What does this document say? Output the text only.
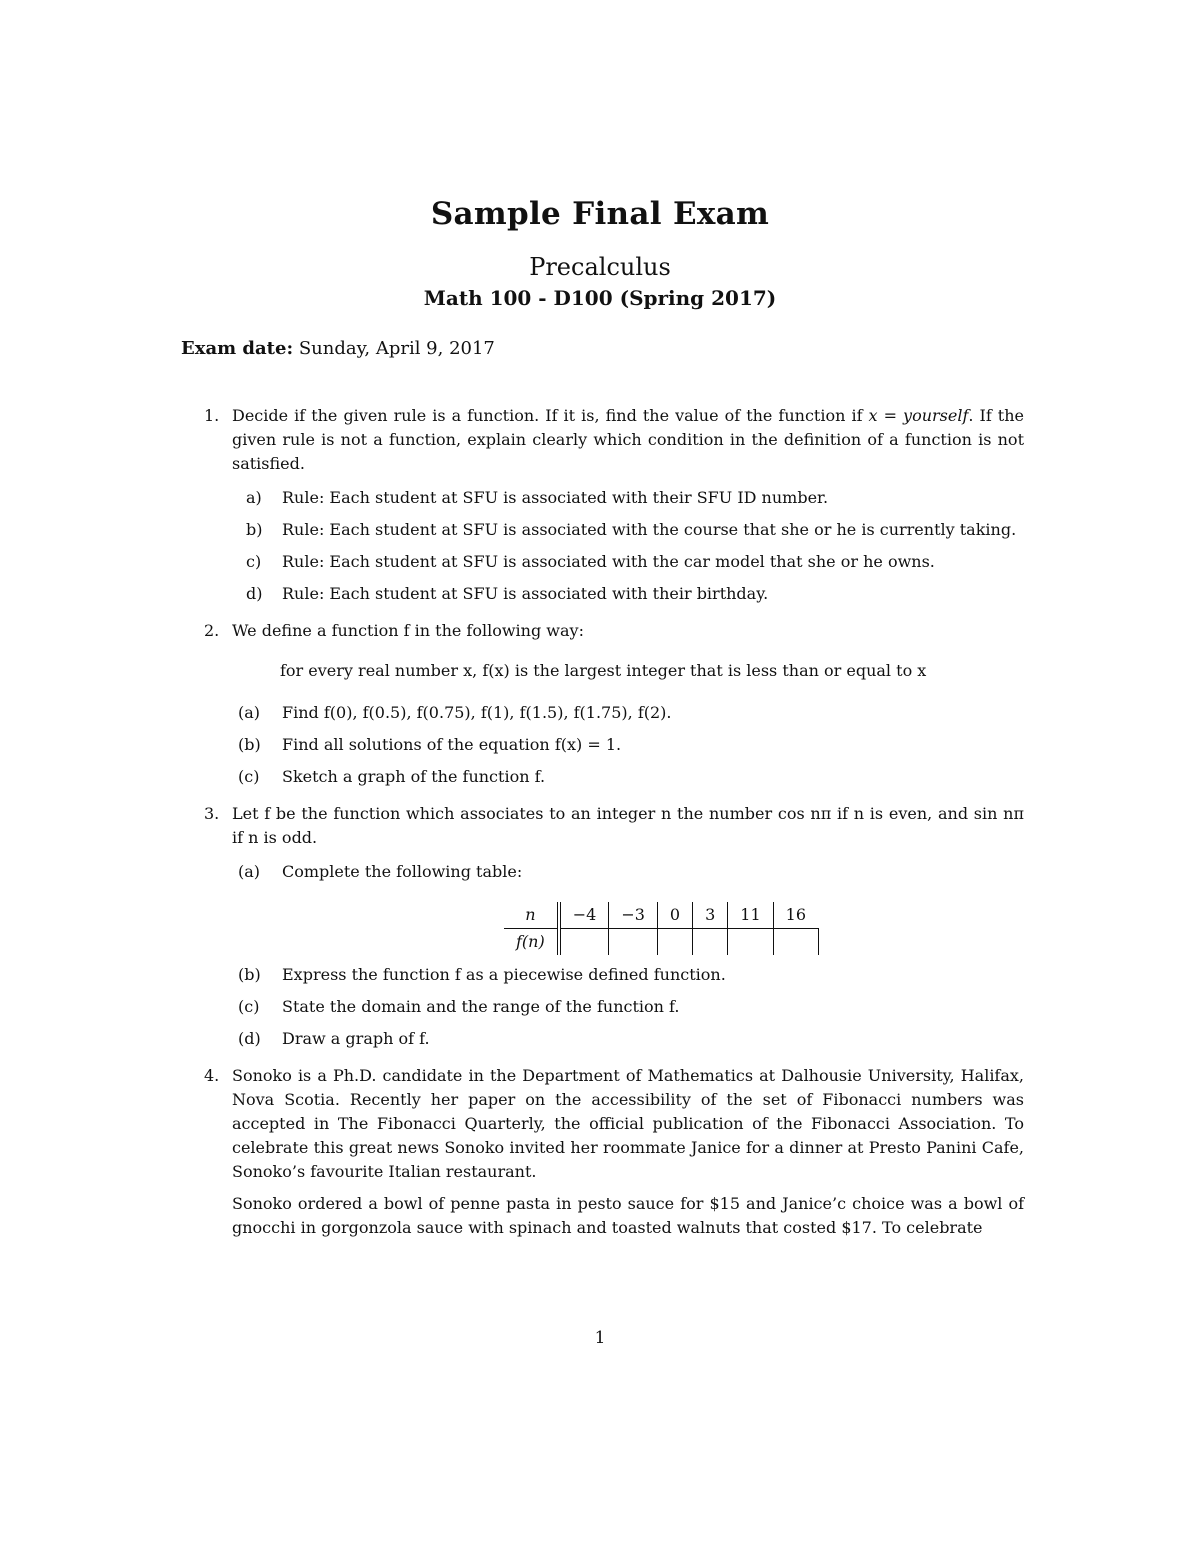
Sample Final Exam
Precalculus
Math 100 - D100 (Spring 2017)
Exam date: Sunday, April 9, 2017
1. Decide if the given rule is a function. If it is, find the value of the function if x = yourself. If the given rule is not a function, explain clearly which condition in the definition of a function is not satisfied.
a) Rule: Each student at SFU is associated with their SFU ID number.
b) Rule: Each student at SFU is associated with the course that she or he is currently taking.
c) Rule: Each student at SFU is associated with the car model that she or he owns.
d) Rule: Each student at SFU is associated with their birthday.
2. We define a function f in the following way:
for every real number x, f(x) is the largest integer that is less than or equal to x
(a) Find f(0), f(0.5), f(0.75), f(1), f(1.5), f(1.75), f(2).
(b) Find all solutions of the equation f(x) = 1.
(c) Sketch a graph of the function f.
3. Let f be the function which associates to an integer n the number cos nπ if n is even, and sin nπ if n is odd.
(a) Complete the following table:
n	−4	−3	0	3	11	16
f(n)						
(b) Express the function f as a piecewise defined function.
(c) State the domain and the range of the function f.
(d) Draw a graph of f.
4. Sonoko is a Ph.D. candidate in the Department of Mathematics at Dalhousie University, Halifax, Nova Scotia. Recently her paper on the accessibility of the set of Fibonacci numbers was accepted in The Fibonacci Quarterly, the official publication of the Fibonacci Association. To celebrate this great news Sonoko invited her roommate Janice for a dinner at Presto Panini Cafe, Sonoko’s favourite Italian restaurant.
Sonoko ordered a bowl of penne pasta in pesto sauce for $15 and Janice’c choice was a bowl of gnocchi in gorgonzola sauce with spinach and toasted walnuts that costed $17. To celebrate
1
